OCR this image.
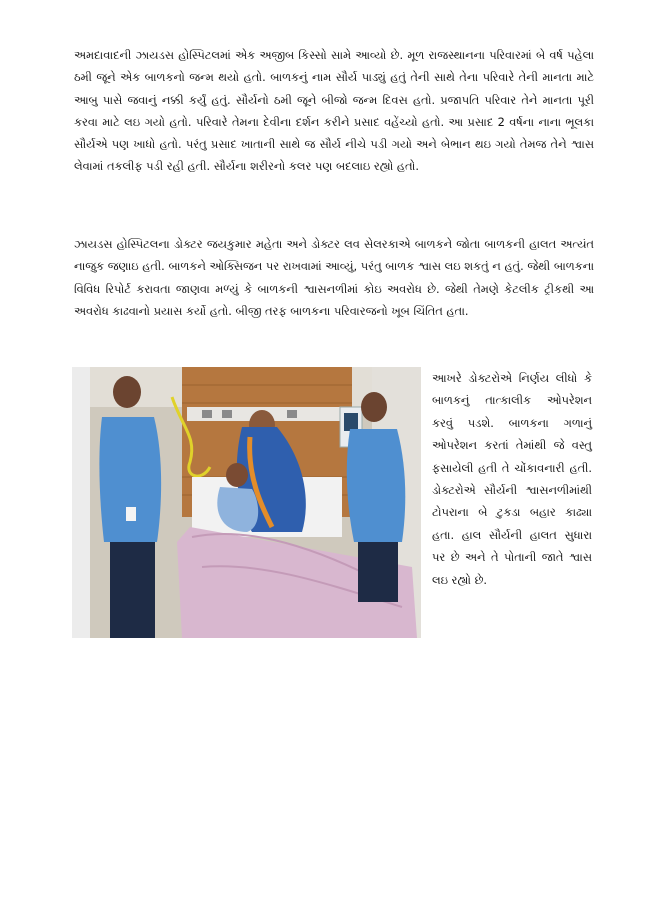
અમદાવાદની ઝાયડસ હોસ્પિટલમાં એક અજીબ કિસ્સો સામે આવ્યો છે. મૂળ રાજસ્થાનના પરિવારમાં બે વર્ષ પહેલા ઠમી જૂને એક બાળકનો જન્મ થયો હતો. બાળકનું નામ સૌર્ય પાડ્યું હતું તેની સાથે તેના પરિવારે તેની માનતા માટે આબુ પાસે જવાનું નક્કી કર્યું હતું. સૌર્યનો ઠમી જૂને બીજો જન્મ દિવસ હતો. પ્રજાપતિ પરિવાર તેને માનતા પૂરી કરવા માટે લઇ ગયો હતો. પરિવારે તેમના દેવીના દર્શન કરીને પ્રસાદ વહેંચ્યો હતો. આ પ્રસાદ 2 વર્ષના નાના ભૂલકા સૌર્યએ પણ ખાધો હતો. પરંતુ પ્રસાદ ખાતાની સાથે જ સૌર્ય નીચે પડી ગયો અને બેભાન થઇ ગયો તેમજ તેને શ્વાસ લેવામાં તકલીફ પડી રહી હતી. સૌર્યના શરીરનો કલર પણ બદલાઇ રહ્યો હતો.

ઝાયડસ હોસ્પિટલના ડોક્ટર જયકુમાર મહેતા અને ડોક્ટર લવ સેલરકાએ બાળકને જોતા બાળકની હાલત અત્યંત નાજુક જણાઇ હતી. બાળકને ઓક્સિજન પર રાખવામાં આવ્યું, પરંતુ બાળક શ્વાસ લઇ શકતું ન હતું. જેથી બાળકના વિવિધ રિપોર્ટ કરાવતા જાણવા મળ્યું કે બાળકની શ્વાસનળીમાં કોઇ અવરોધ છે. જેથી તેમણે કેટલીક ટ્રીકથી આ અવરોધ કાઢવાનો પ્રયાસ કર્યો હતો. બીજી તરફ બાળકના પરિવારજનો ખૂબ ચિંતિત હતા.

આખરે ડોક્ટરોએ નિર્ણય લીધો કે બાળકનું તાત્કાલીક ઓપરેશન કરવું પડશે. બાળકના ગળાનું ઓપરેશન કરતાં તેમાંથી જે વસ્તુ ફસાયેલી હતી તે ચોંકાવનારી હતી. ડોક્ટરોએ સૌર્યની શ્વાસનળીમાંથી ટોપરાના બે ટુકડા બહાર કાઢ્યા હતા. હાલ સૌર્યની હાલત સુધારા પર છે અને તે પોતાની જાતે શ્વાસ લઇ રહ્યો છે.
